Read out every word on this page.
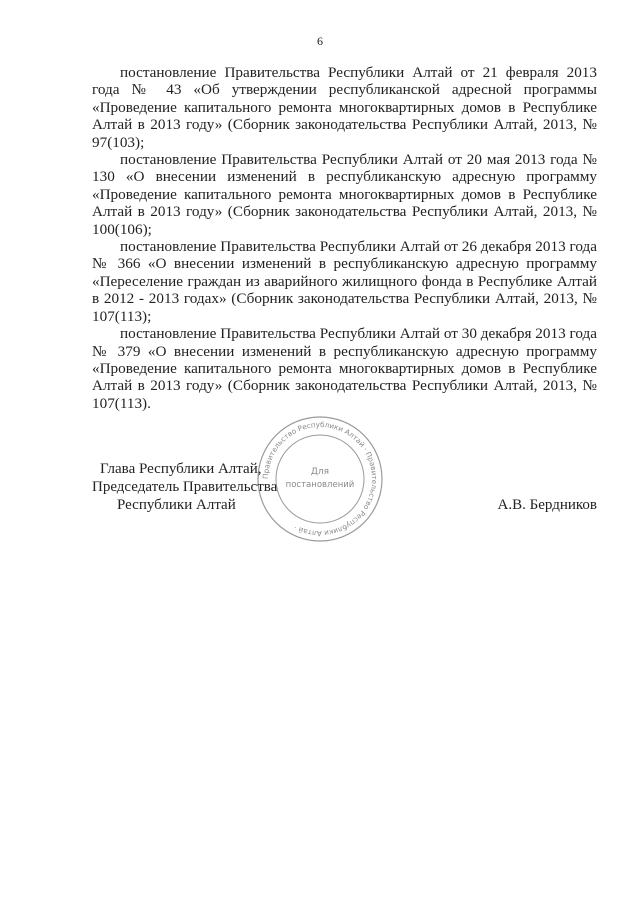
6

постановление Правительства Республики Алтай от 21 февраля 2013 года № 43 «Об утверждении республиканской адресной программы «Проведение капитального ремонта многоквартирных домов в Республике Алтай в 2013 году» (Сборник законодательства Республики Алтай, 2013, № 97(103);

постановление Правительства Республики Алтай от 20 мая 2013 года № 130 «О внесении изменений в республиканскую адресную программу «Проведение капитального ремонта многоквартирных домов в Республике Алтай в 2013 году» (Сборник законодательства Республики Алтай, 2013, № 100(106);

постановление Правительства Республики Алтай от 26 декабря 2013 года № 366 «О внесении изменений в республиканскую адресную программу «Переселение граждан из аварийного жилищного фонда в Республике Алтай в 2012 - 2013 годах» (Сборник законодательства Республики Алтай, 2013, № 107(113);

постановление Правительства Республики Алтай от 30 декабря 2013 года № 379 «О внесении изменений в республиканскую адресную программу «Проведение капитального ремонта многоквартирных домов в Республике Алтай в 2013 году» (Сборник законодательства Республики Алтай, 2013, № 107(113).

Правительство Республики Алтай · Правительство Республики Алтай ·
Для
постановлений
Глава Республики Алтай,
Председатель Правительства
Республики Алтай	А.В. Бердников
